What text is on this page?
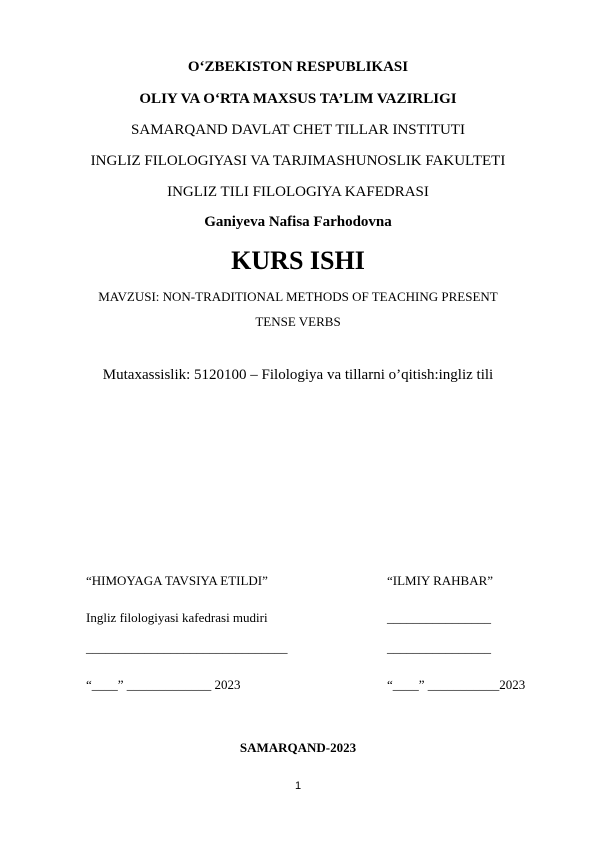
O‘ZBEKISTON RESPUBLIKASI
OLIY VA O‘RTA MAXSUS TA’LIM VAZIRLIGI
SAMARQAND DAVLAT CHET TILLAR INSTITUTI
INGLIZ FILOLOGIYASI VA TARJIMASHUNOSLIK FAKULTETI
INGLIZ TILI FILOLOGIYA KAFEDRASI
Ganiyeva Nafisa Farhodovna
KURS ISHI
MAVZUSI: NON-TRADITIONAL METHODS OF TEACHING PRESENT
TENSE VERBS
Mutaxassislik: 5120100 – Filologiya va tillarni o’qitish:ingliz tili
“HIMOYAGA TAVSIYA ETILDI”
Ingliz filologiyasi kafedrasi mudiri
_______________________________
“____” _____________ 2023
“ILMIY RAHBAR”
________________
________________
“____” ___________2023
SAMARQAND-2023
1
